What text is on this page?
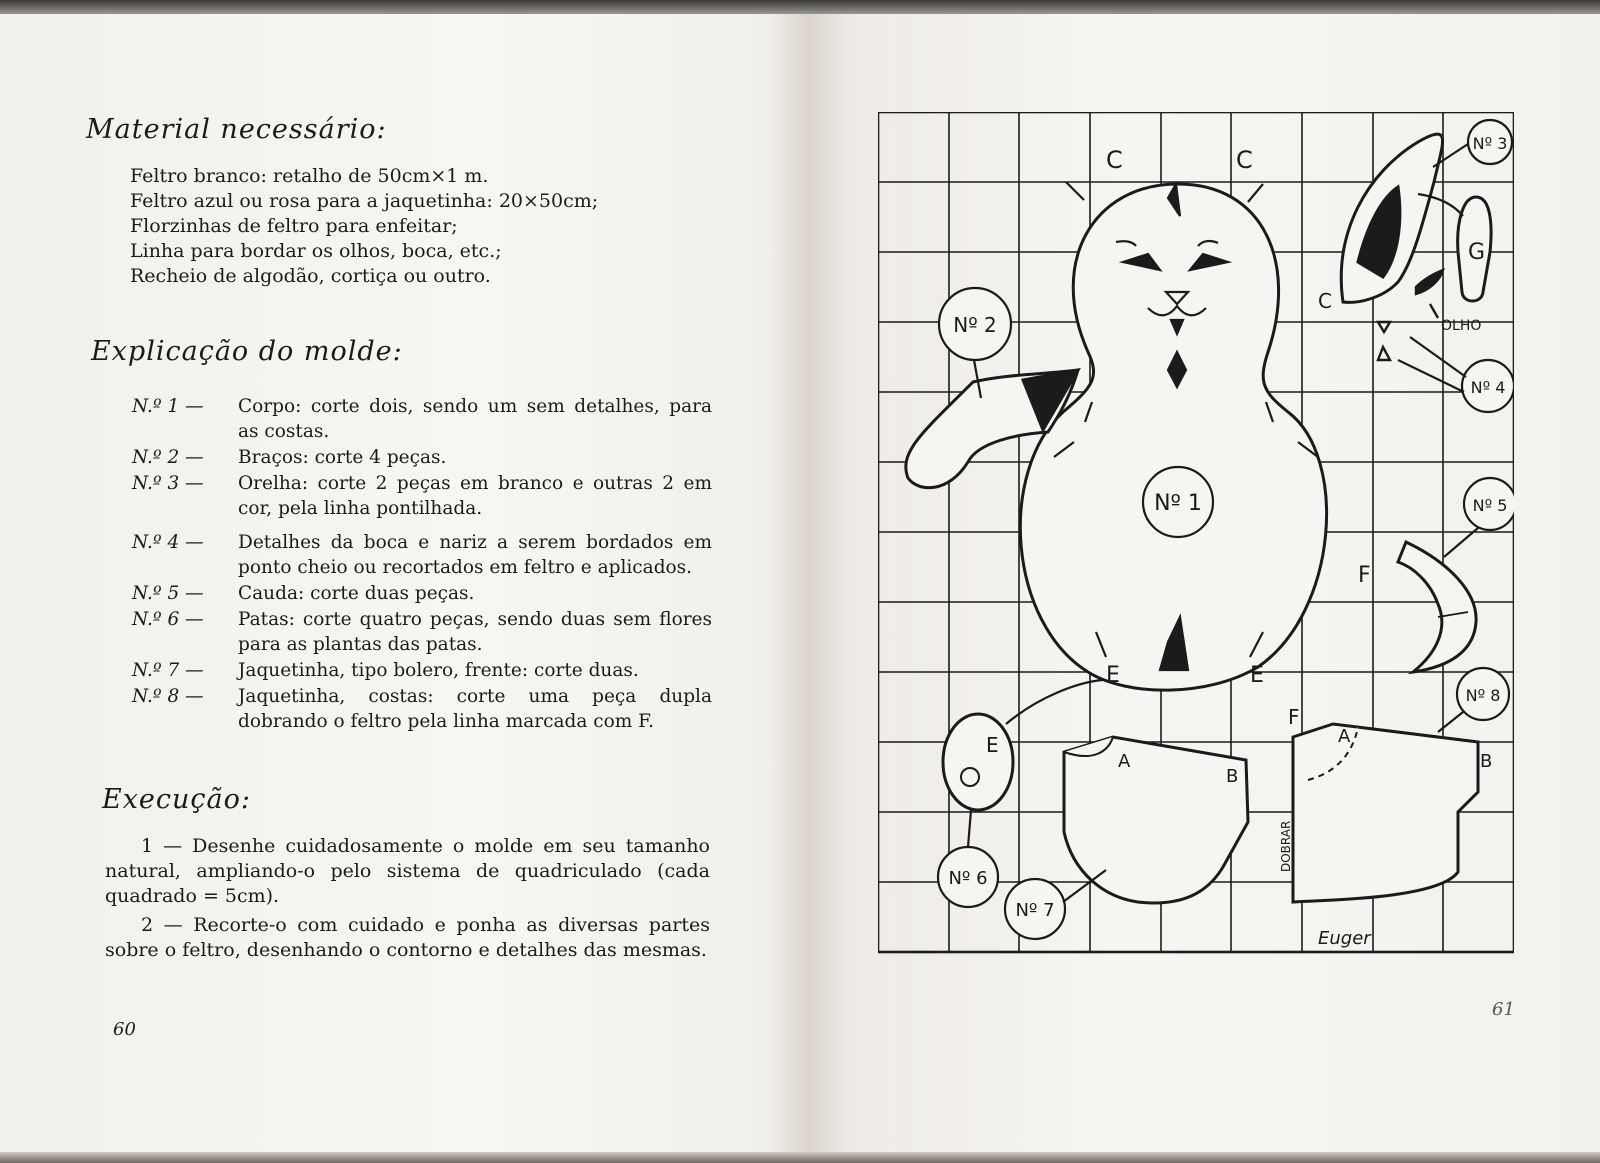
Material necessário:
Feltro branco: retalho de 50cm×1 m.
Feltro azul ou rosa para a jaquetinha: 20×50cm;
Florzinhas de feltro para enfeitar;
Linha para bordar os olhos, boca, etc.;
Recheio de algodão, cortiça ou outro.
Explicação do molde:
N.º 1 —	Corpo: corte dois, sendo um sem detalhes, para as costas.
N.º 2 —	Braços: corte 4 peças.
N.º 3 —	Orelha: corte 2 peças em branco e outras 2 em cor, pela linha pontilhada.
N.º 4 —	Detalhes da boca e nariz a serem bordados em ponto cheio ou recortados em feltro e aplicados.
N.º 5 —	Cauda: corte duas peças.
N.º 6 —	Patas: corte quatro peças, sendo duas sem flores para as plantas das patas.
N.º 7 —	Jaquetinha, tipo bolero, frente: corte duas.
N.º 8 —	Jaquetinha, costas: corte uma peça dupla dobrando o feltro pela linha marcada com F.
Execução:

1 — Desenhe cuidadosamente o molde em seu tamanho natural, ampliando-o pelo sistema de quadriculado (cada quadrado = 5cm).

2 — Recorte-o com cuidado e ponha as diversas partes sobre o feltro, desenhando o contorno e detalhes das mesmas.

60
C	C
E	E
Nº 1
Nº 2
G	G
C
Nº 3
OLHO
Nº 4
F
Nº 5
E
Nº 6
A
B
Nº 7
F
A
B
DOBRAR
Nº 8
Euger
61
